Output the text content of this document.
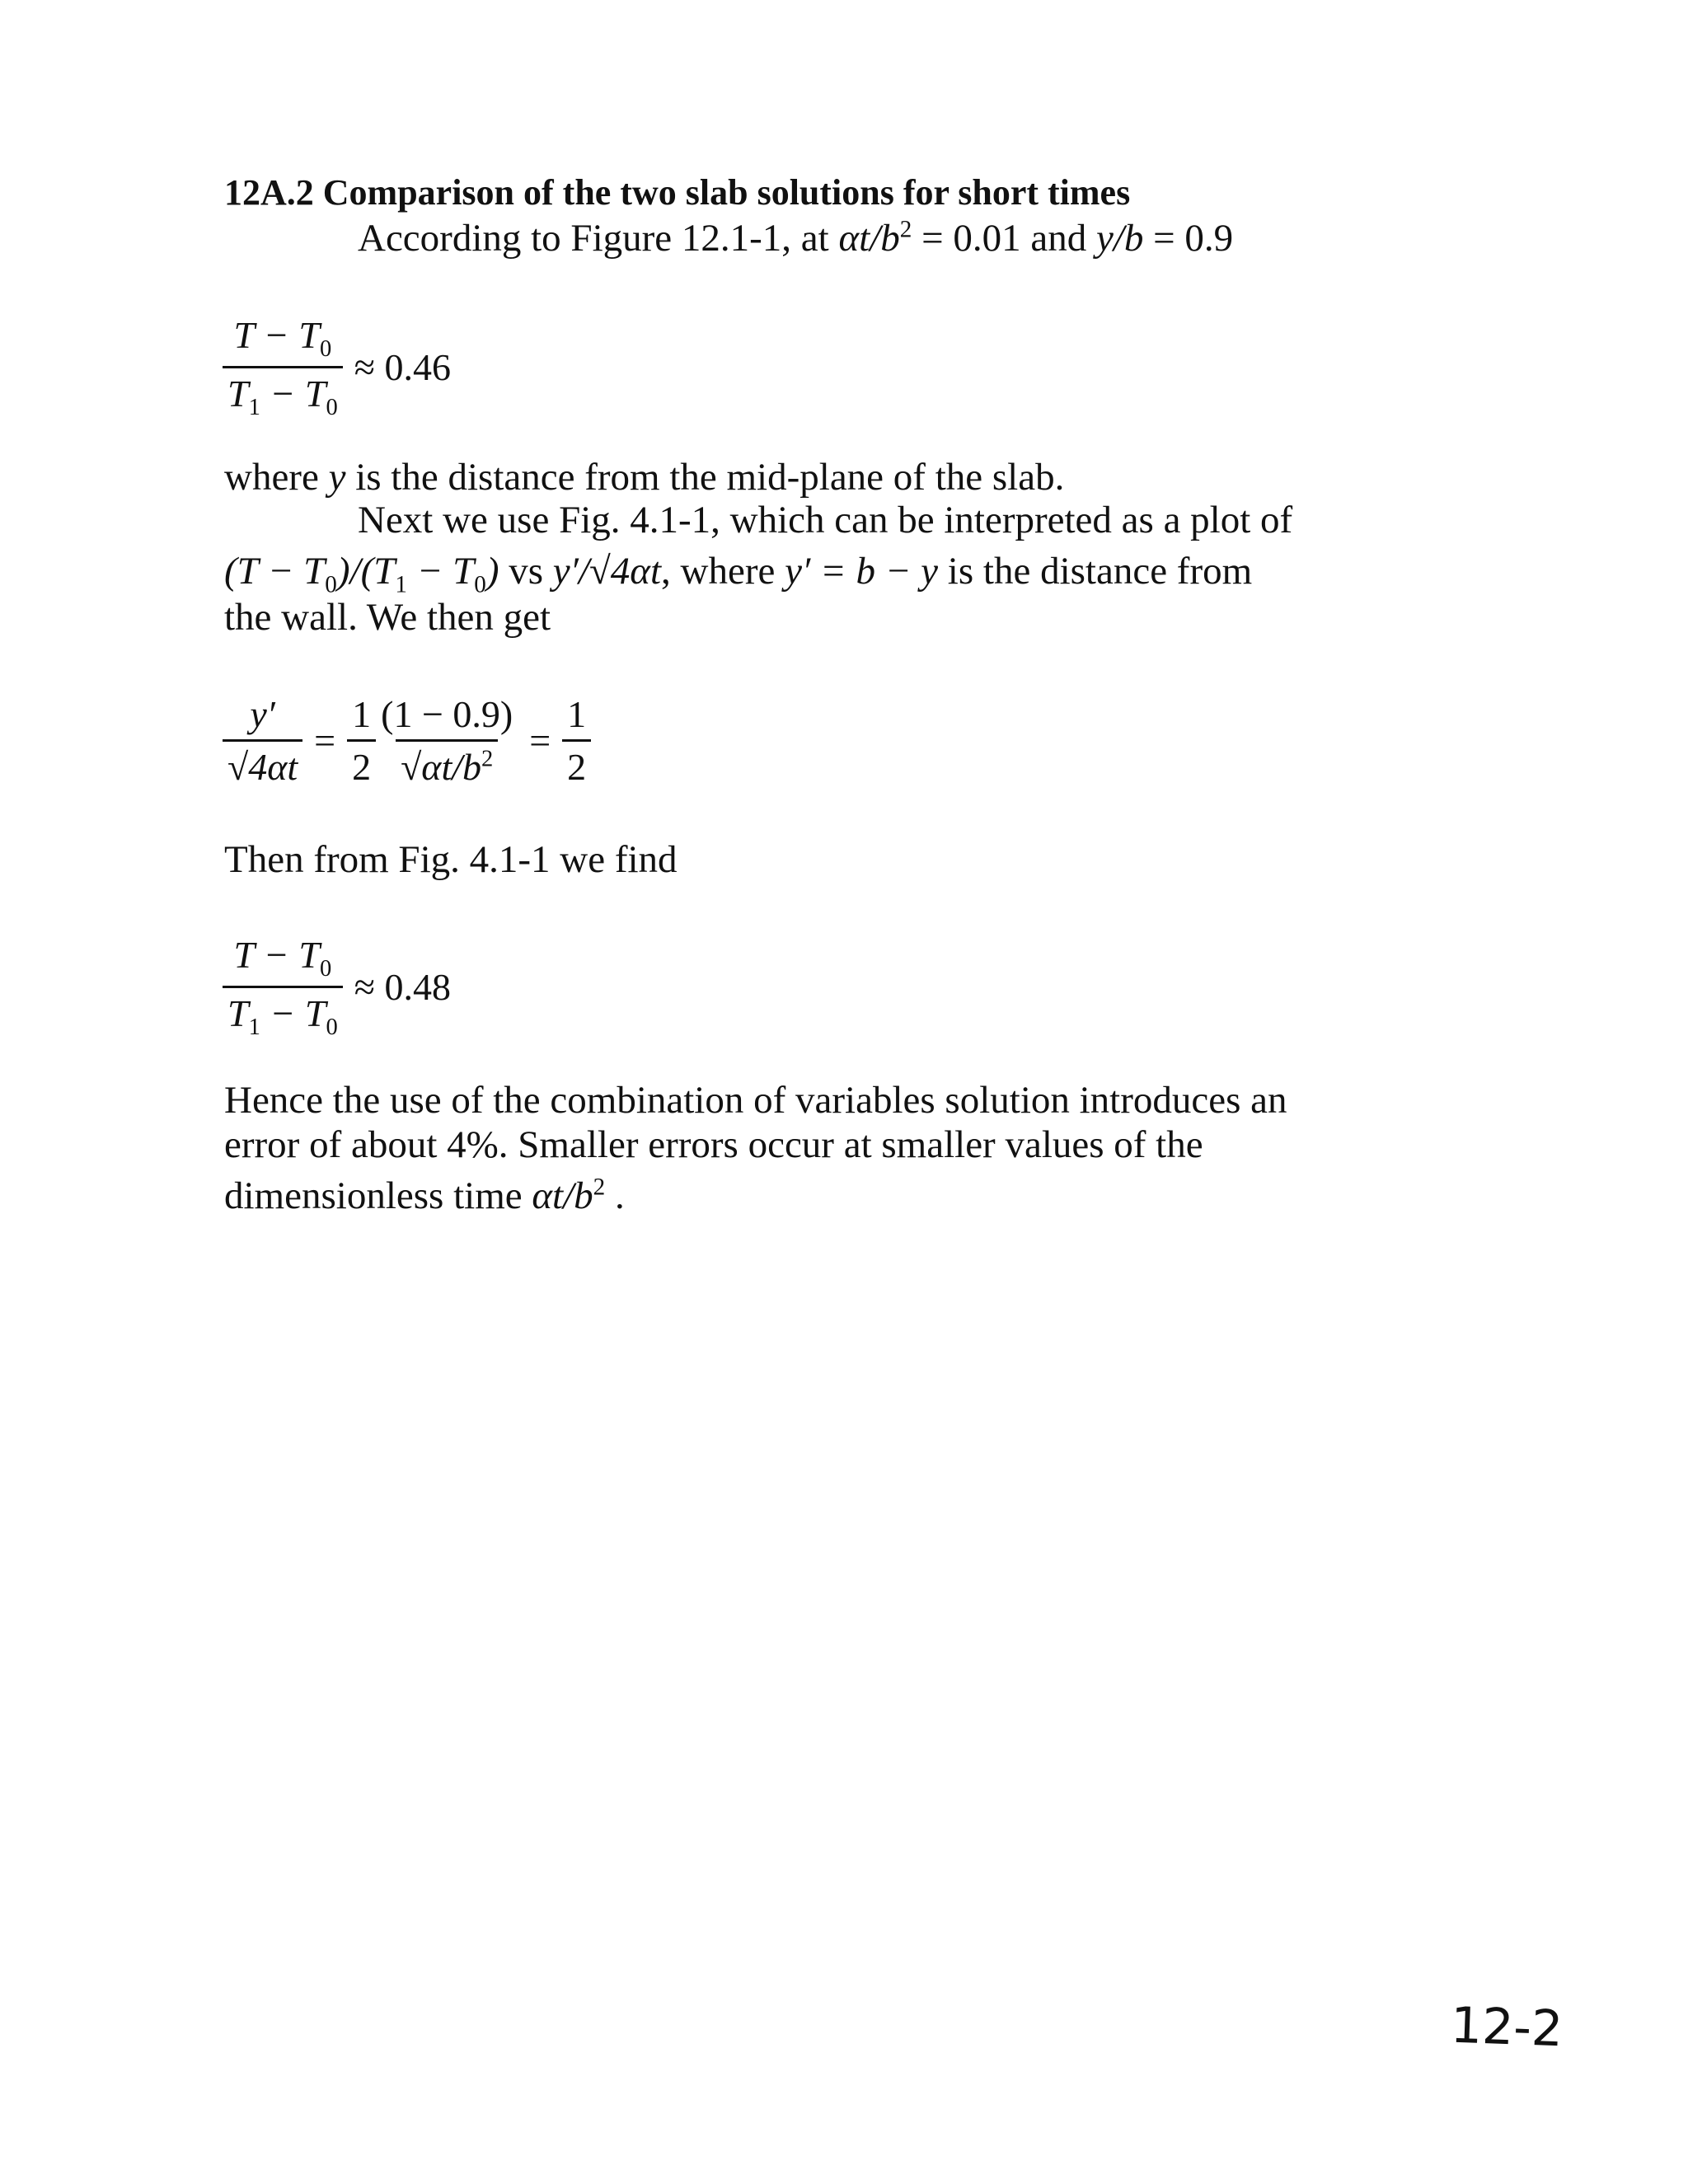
12A.2 Comparison of the two slab solutions for short times
According to Figure 12.1-1, at $\alpha t/b^2 = 0.01$ and y/b = 0.9
$\frac{T - T_0}{T_1 - T_0} \approx 0.46$
where y is the distance from the mid-plane of the slab.
Next we use Fig. 4.1-1, which can be interpreted as a plot of
$(T - T_0)/(T_1 - T_0)$ vs y′/√4αt, where y′ = b − y is the distance from
the wall. We then get
$\frac{y'}{√4\alpha t} = \frac{1}{2} \frac{(1 - 0.9)}{√\alpha t/b^2} = \frac{1}{2}$
Then from Fig. 4.1-1 we find
$\frac{T - T_0}{T_1 - T_0} \approx 0.48$
Hence the use of the combination of variables solution introduces an
error of about 4%. Smaller errors occur at smaller values of the
dimensionless time $\alpha t/b^2$ .
12-2
